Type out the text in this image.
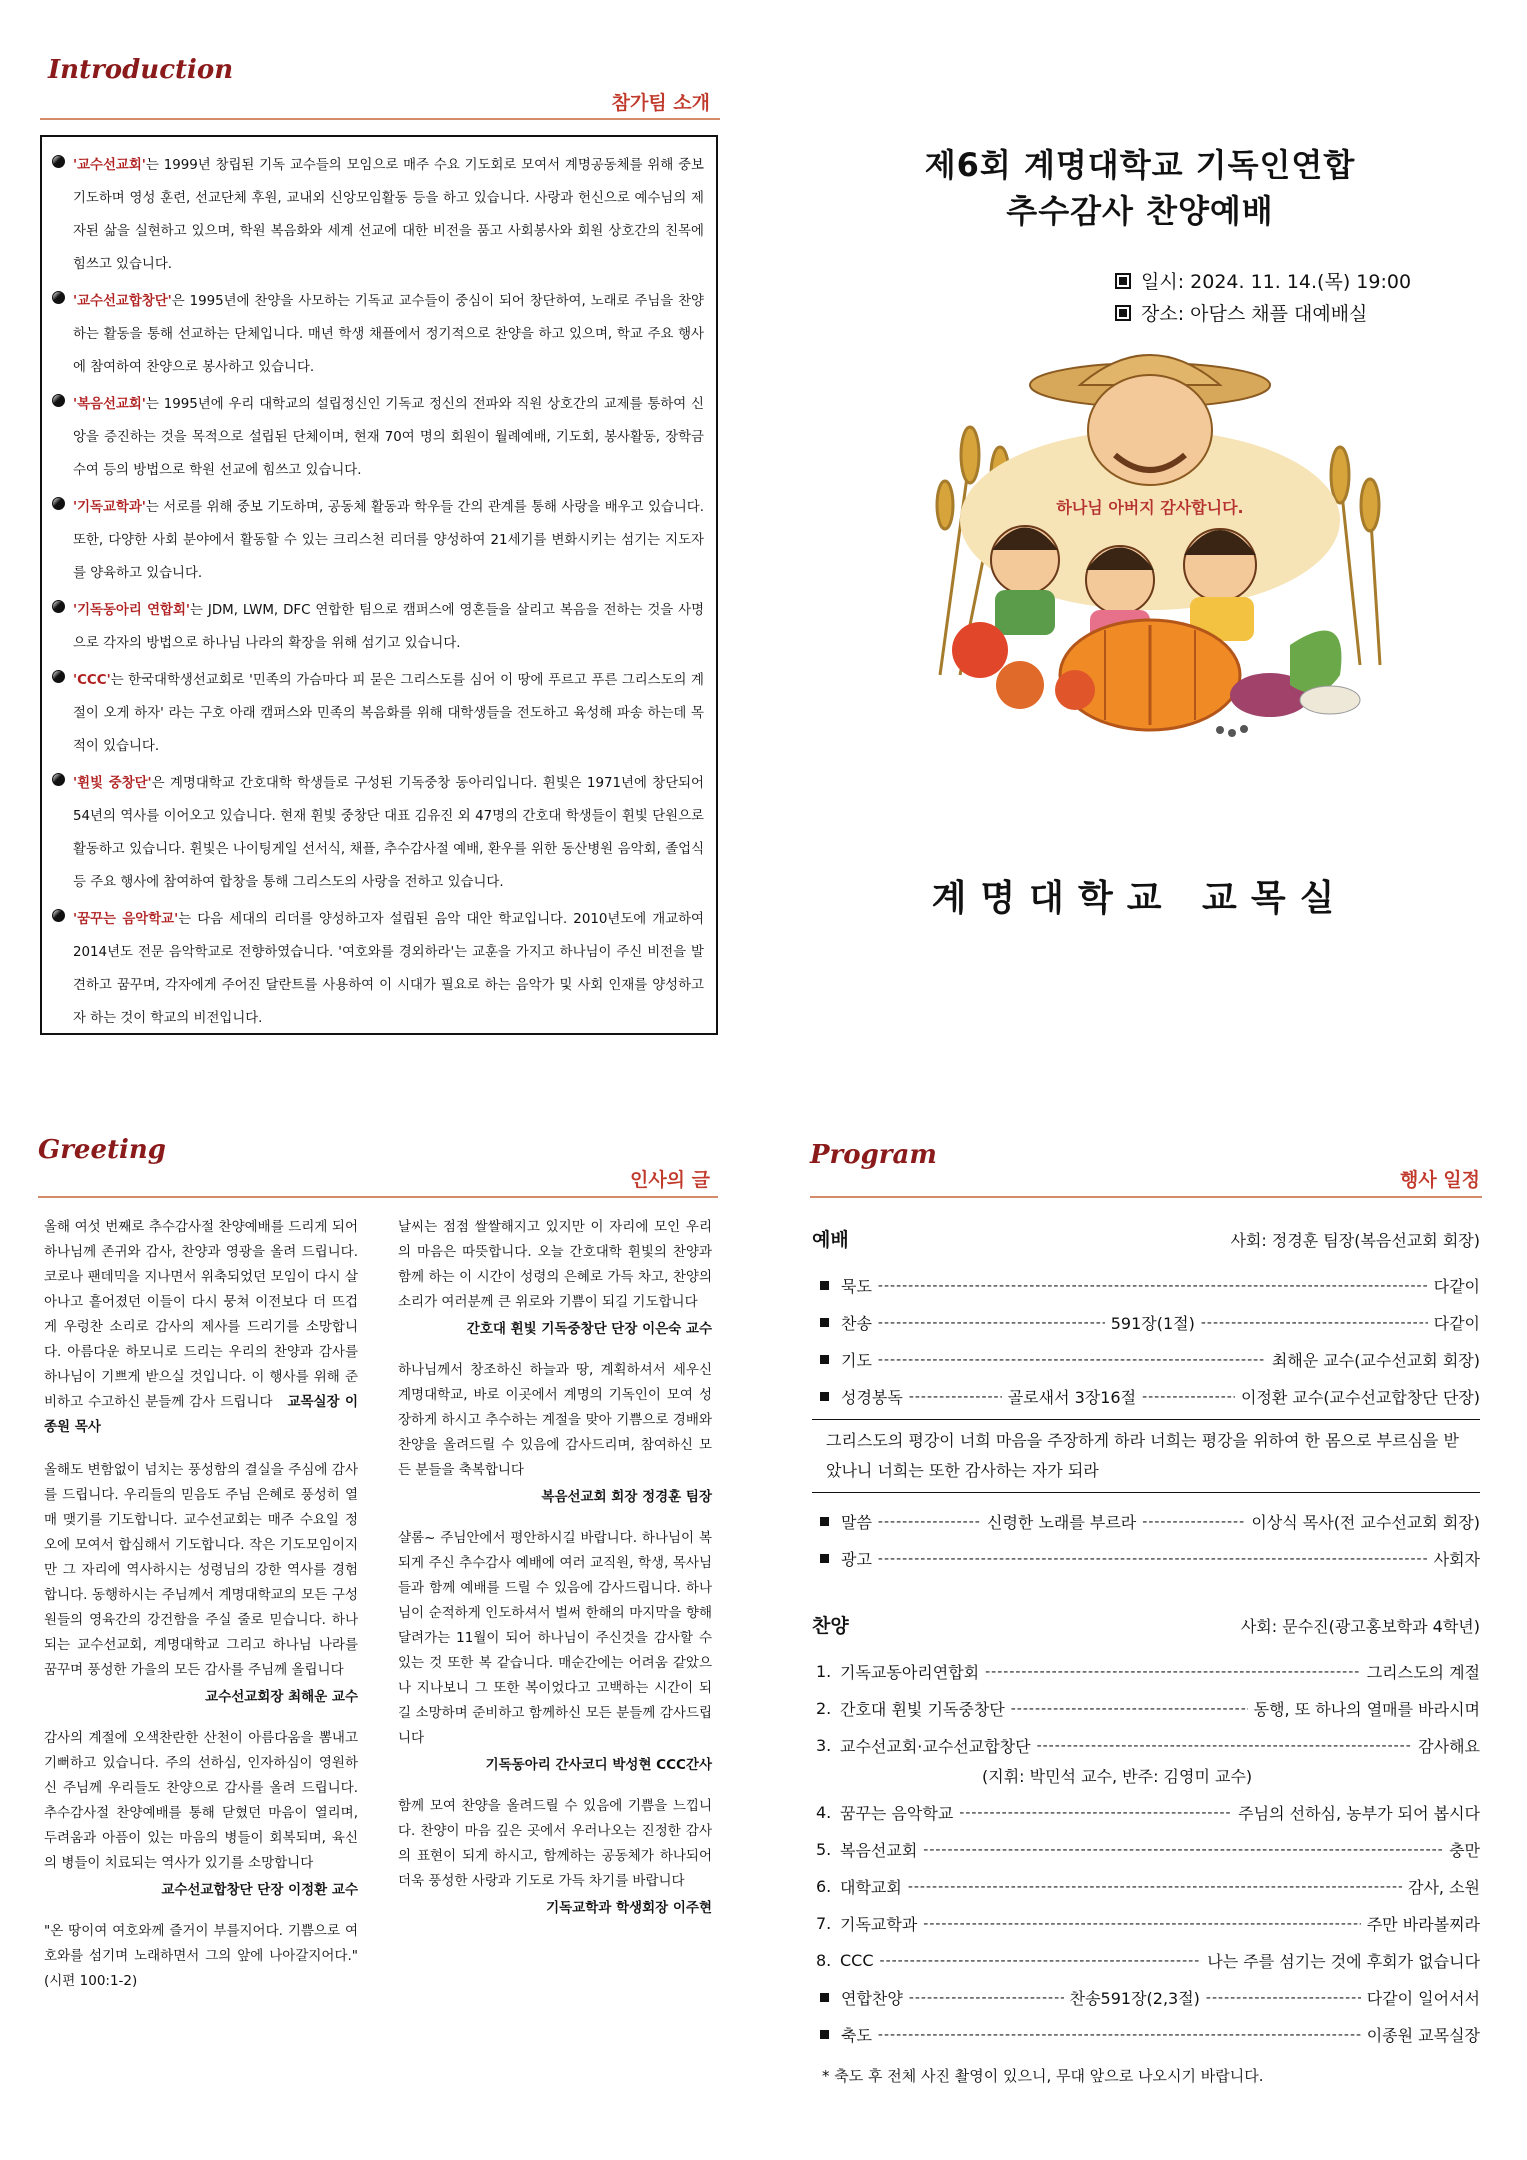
Introduction
참가팀 소개
'교수선교회'는 1999년 창립된 기독 교수들의 모임으로 매주 수요 기도회로 모여서 계명공동체를 위해 중보 기도하며 영성 훈련, 선교단체 후원, 교내외 신앙모임활동 등을 하고 있습니다. 사랑과 헌신으로 예수님의 제자된 삶을 실현하고 있으며, 학원 복음화와 세계 선교에 대한 비전을 품고 사회봉사와 회원 상호간의 친목에 힘쓰고 있습니다.
'교수선교합창단'은 1995년에 찬양을 사모하는 기독교 교수들이 중심이 되어 창단하여, 노래로 주님을 찬양하는 활동을 통해 선교하는 단체입니다. 매년 학생 채플에서 정기적으로 찬양을 하고 있으며, 학교 주요 행사에 참여하여 찬양으로 봉사하고 있습니다.
'복음선교회'는 1995년에 우리 대학교의 설립정신인 기독교 정신의 전파와 직원 상호간의 교제를 통하여 신앙을 증진하는 것을 목적으로 설립된 단체이며, 현재 70여 명의 회원이 월례예배, 기도회, 봉사활동, 장학금 수여 등의 방법으로 학원 선교에 힘쓰고 있습니다.
'기독교학과'는 서로를 위해 중보 기도하며, 공동체 활동과 학우들 간의 관계를 통해 사랑을 배우고 있습니다. 또한, 다양한 사회 분야에서 활동할 수 있는 크리스천 리더를 양성하여 21세기를 변화시키는 섬기는 지도자를 양육하고 있습니다.
'기독동아리 연합회'는 JDM, LWM, DFC 연합한 팀으로 캠퍼스에 영혼들을 살리고 복음을 전하는 것을 사명으로 각자의 방법으로 하나님 나라의 확장을 위해 섬기고 있습니다.
'CCC'는 한국대학생선교회로 '민족의 가슴마다 피 묻은 그리스도를 심어 이 땅에 푸르고 푸른 그리스도의 계절이 오게 하자' 라는 구호 아래 캠퍼스와 민족의 복음화를 위해 대학생들을 전도하고 육성해 파송 하는데 목적이 있습니다.
'휜빛 중창단'은 계명대학교 간호대학 학생들로 구성된 기독중창 동아리입니다. 휜빛은 1971년에 창단되어 54년의 역사를 이어오고 있습니다. 현재 휜빛 중창단 대표 김유진 외 47명의 간호대 학생들이 휜빛 단원으로 활동하고 있습니다. 휜빛은 나이팅게일 선서식, 채플, 추수감사절 예배, 환우를 위한 동산병원 음악회, 졸업식 등 주요 행사에 참여하여 합창을 통해 그리스도의 사랑을 전하고 있습니다.
'꿈꾸는 음악학교'는 다음 세대의 리더를 양성하고자 설립된 음악 대안 학교입니다. 2010년도에 개교하여 2014년도 전문 음악학교로 전향하였습니다. '여호와를 경외하라'는 교훈을 가지고 하나님이 주신 비전을 발견하고 꿈꾸며, 각자에게 주어진 달란트를 사용하여 이 시대가 필요로 하는 음악가 및 사회 인재를 양성하고자 하는 것이 학교의 비전입니다.
제6회 계명대학교 기독인연합
추수감사 찬양예배
일시: 2024. 11. 14.(목) 19:00
장소: 아담스 채플 대예배실
하나님 아버지 감사합니다.
계명대학교 교목실
Greeting
인사의 글
올해 여섯 번째로 추수감사절 찬양예배를 드리게 되어 하나님께 존귀와 감사, 찬양과 영광을 올려 드립니다. 코로나 팬데믹을 지나면서 위축되었던 모임이 다시 살아나고 흩어졌던 이들이 다시 뭉쳐 이전보다 더 뜨겁게 우렁찬 소리로 감사의 제사를 드리기를 소망합니다. 아름다운 하모니로 드리는 우리의 찬양과 감사를 하나님이 기쁘게 받으실 것입니다. 이 행사를 위해 준비하고 수고하신 분들께 감사 드립니다 교목실장 이종원 목사
올해도 변함없이 넘치는 풍성함의 결실을 주심에 감사를 드립니다. 우리들의 믿음도 주님 은혜로 풍성히 열매 맺기를 기도합니다. 교수선교회는 매주 수요일 정오에 모여서 합심해서 기도합니다. 작은 기도모임이지만 그 자리에 역사하시는 성령님의 강한 역사를 경험합니다. 동행하시는 주님께서 계명대학교의 모든 구성원들의 영육간의 강건함을 주실 줄로 믿습니다. 하나되는 교수선교회, 계명대학교 그리고 하나님 나라를 꿈꾸며 풍성한 가을의 모든 감사를 주님께 올립니다
교수선교회장 최해운 교수
감사의 계절에 오색찬란한 산천이 아름다움을 뽐내고 기뻐하고 있습니다. 주의 선하심, 인자하심이 영원하신 주님께 우리들도 찬양으로 감사를 올려 드립니다. 추수감사절 찬양예배를 통해 닫혔던 마음이 열리며, 두려움과 아픔이 있는 마음의 병들이 회복되며, 육신의 병들이 치료되는 역사가 있기를 소망합니다
교수선교합창단 단장 이정환 교수
"온 땅이여 여호와께 즐거이 부를지어다. 기쁨으로 여호와를 섬기며 노래하면서 그의 앞에 나아갈지어다."(시편 100:1-2)
날씨는 점점 쌀쌀해지고 있지만 이 자리에 모인 우리의 마음은 따뜻합니다. 오늘 간호대학 휜빛의 찬양과 함께 하는 이 시간이 성령의 은혜로 가득 차고, 찬양의 소리가 여러분께 큰 위로와 기쁨이 되길 기도합니다
간호대 휜빛 기독중창단 단장 이은숙 교수
하나님께서 창조하신 하늘과 땅, 계획하셔서 세우신 계명대학교, 바로 이곳에서 계명의 기독인이 모여 성장하게 하시고 추수하는 계절을 맞아 기쁨으로 경배와 찬양을 올려드릴 수 있음에 감사드리며, 참여하신 모든 분들을 축복합니다
복음선교회 회장 정경훈 팀장
샬롬~ 주님안에서 평안하시길 바랍니다. 하나님이 복되게 주신 추수감사 예배에 여러 교직원, 학생, 목사님들과 함께 예배를 드릴 수 있음에 감사드립니다. 하나님이 순적하게 인도하셔서 벌써 한해의 마지막을 향해 달려가는 11월이 되어 하나님이 주신것을 감사할 수 있는 것 또한 복 같습니다. 매순간에는 어려움 같았으나 지나보니 그 또한 복이었다고 고백하는 시간이 되길 소망하며 준비하고 함께하신 모든 분들께 감사드립니다
기독동아리 간사코디 박성현 CCC간사
함께 모여 찬양을 올려드릴 수 있음에 기쁨을 느낍니다. 찬양이 마음 깊은 곳에서 우러나오는 진정한 감사의 표현이 되게 하시고, 함께하는 공동체가 하나되어 더욱 풍성한 사랑과 기도로 가득 차기를 바랍니다
기독교학과 학생회장 이주현
Program
행사 일정
예배	사회: 정경훈 팀장(복음선교회 회장)
묵도 -----	다같이
찬송 -----	591장(1절) -----	다같이
기도 -----	최해운 교수(교수선교회 회장)
성경봉독 -----	골로새서 3장16절 -----	이정환 교수(교수선교합창단 단장)
그리스도의 평강이 너희 마음을 주장하게 하라 너희는 평강을 위하여 한 몸으로 부르심을 받았나니 너희는 또한 감사하는 자가 되라
말씀 -----	신령한 노래를 부르라 -----	이상식 목사(전 교수선교회 회장)
광고 -----	사회자
찬양	사회: 문수진(광고홍보학과 4학년)
1. 기독교동아리연합회 -----	그리스도의 계절
2. 간호대 휜빛 기독중창단 -----	동행, 또 하나의 열매를 바라시며
3. 교수선교회·교수선교합창단 -----	감사해요
(지휘: 박민석 교수, 반주: 김영미 교수)
4. 꿈꾸는 음악학교 -----	주님의 선하심, 농부가 되어 봅시다
5. 복음선교회 -----	충만
6. 대학교회 -----	감사, 소원
7. 기독교학과 -----	주만 바라볼찌라
8. CCC -----	나는 주를 섬기는 것에 후회가 없습니다
연합찬양 -----	찬송591장(2,3절) -----	다같이 일어서서
축도 -----	이종원 교목실장
* 축도 후 전체 사진 촬영이 있으니, 무대 앞으로 나오시기 바랍니다.
